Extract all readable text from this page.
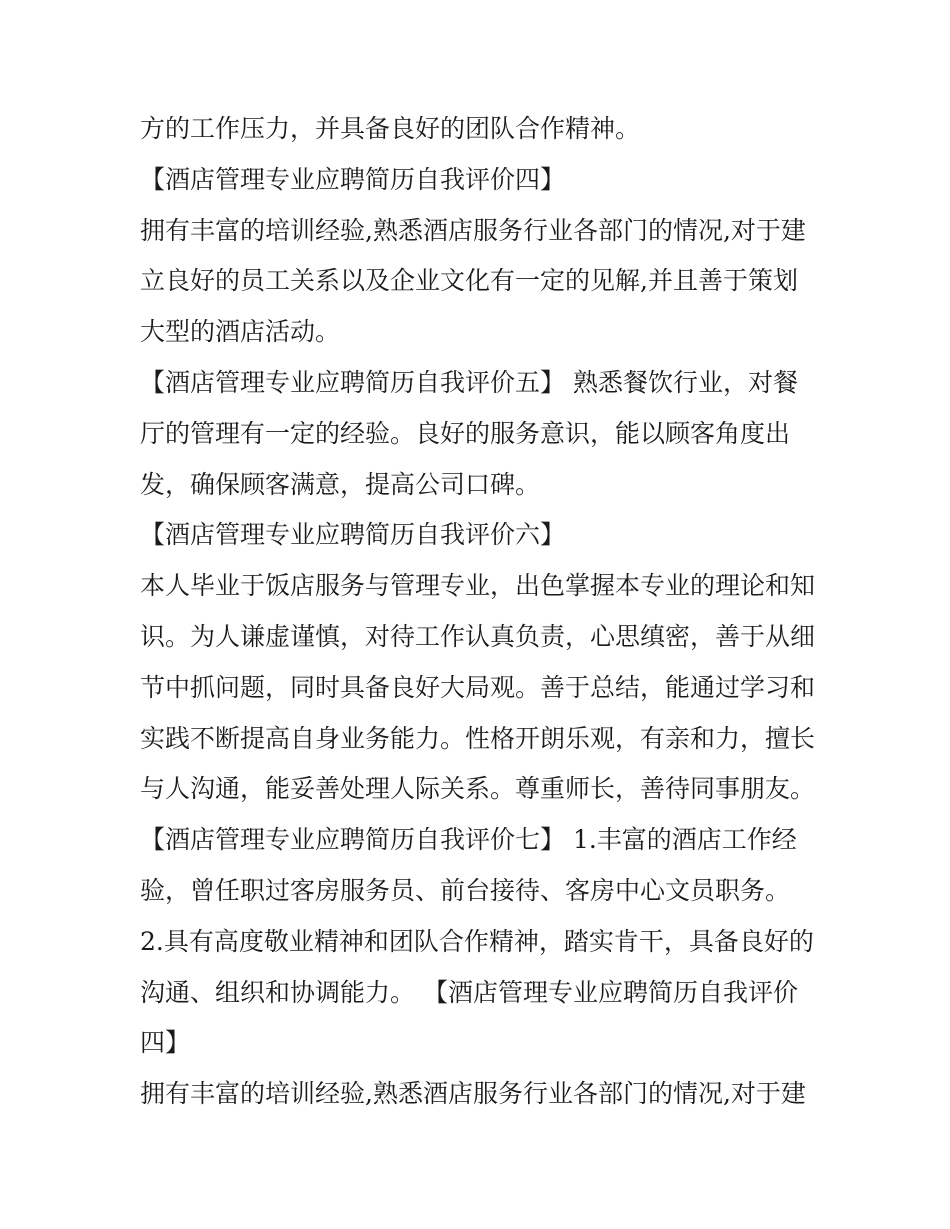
方的工作压力，并具备良好的团队合作精神。
【酒店管理专业应聘简历自我评价四】
拥有丰富的培训经验,熟悉酒店服务行业各部门的情况,对于建
立良好的员工关系以及企业文化有一定的见解,并且善于策划
大型的酒店活动。
【酒店管理专业应聘简历自我评价五】 熟悉餐饮行业，对餐
厅的管理有一定的经验。良好的服务意识，能以顾客角度出
发，确保顾客满意，提高公司口碑。
【酒店管理专业应聘简历自我评价六】
本人毕业于饭店服务与管理专业，出色掌握本专业的理论和知
识。为人谦虚谨慎，对待工作认真负责，心思缜密，善于从细
节中抓问题，同时具备良好大局观。善于总结，能通过学习和
实践不断提高自身业务能力。性格开朗乐观，有亲和力，擅长
与人沟通，能妥善处理人际关系。尊重师长，善待同事朋友。
【酒店管理专业应聘简历自我评价七】 1.丰富的酒店工作经
验，曾任职过客房服务员、前台接待、客房中心文员职务。
2.具有高度敬业精神和团队合作精神，踏实肯干，具备良好的
沟通、组织和协调能力。 【酒店管理专业应聘简历自我评价
四】
拥有丰富的培训经验,熟悉酒店服务行业各部门的情况,对于建
